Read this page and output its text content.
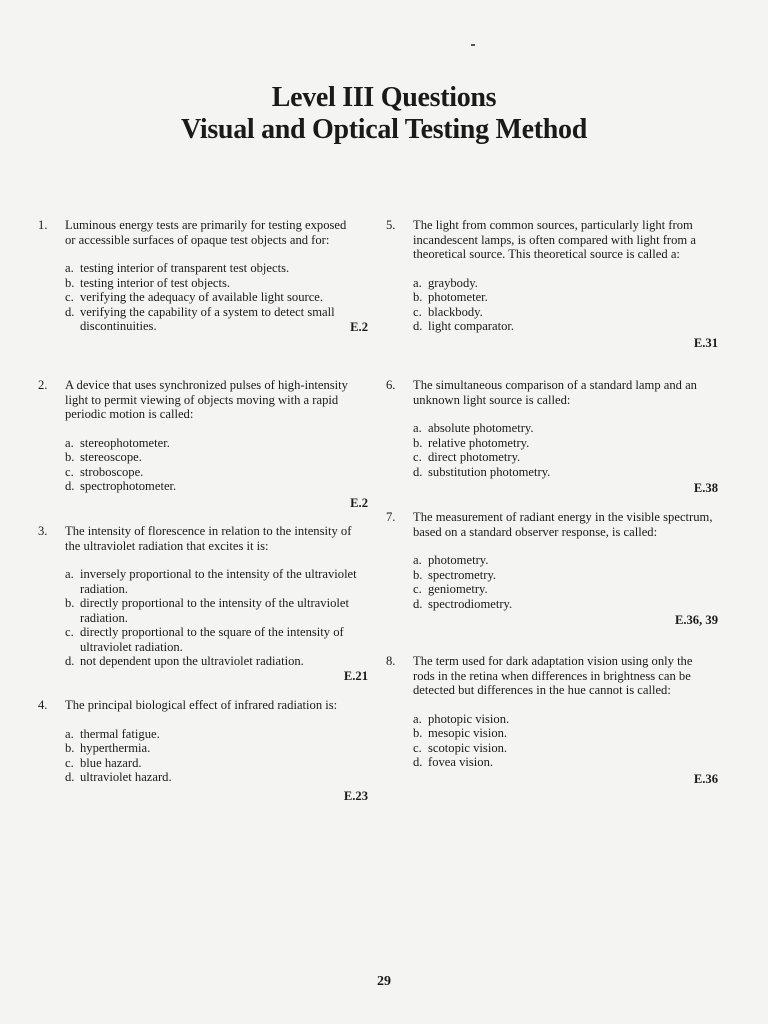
Level III Questions
Visual and Optical Testing Method
1. Luminous energy tests are primarily for testing exposed or accessible surfaces of opaque test objects and for:
a. testing interior of transparent test objects.
b. testing interior of test objects.
c. verifying the adequacy of available light source.
d. verifying the capability of a system to detect small discontinuities.	E.2
2. A device that uses synchronized pulses of high-intensity light to permit viewing of objects moving with a rapid periodic motion is called:
a. stereophotometer.
b. stereoscope.
c. stroboscope.
d. spectrophotometer.
E.2
3. The intensity of florescence in relation to the intensity of the ultraviolet radiation that excites it is:
a. inversely proportional to the intensity of the ultraviolet radiation.
b. directly proportional to the intensity of the ultraviolet radiation.
c. directly proportional to the square of the intensity of ultraviolet radiation.
d. not dependent upon the ultraviolet radiation.
E.21
4. The principal biological effect of infrared radiation is:
a. thermal fatigue.
b. hyperthermia.
c. blue hazard.
d. ultraviolet hazard.
E.23
5. The light from common sources, particularly light from incandescent lamps, is often compared with light from a theoretical source. This theoretical source is called a:
a. graybody.
b. photometer.
c. blackbody.
d. light comparator.
E.31
6. The simultaneous comparison of a standard lamp and an unknown light source is called:
a. absolute photometry.
b. relative photometry.
c. direct photometry.
d. substitution photometry.
E.38
7. The measurement of radiant energy in the visible spectrum, based on a standard observer response, is called:
a. photometry.
b. spectrometry.
c. geniometry.
d. spectrodiometry.
E.36, 39
8. The term used for dark adaptation vision using only the rods in the retina when differences in brightness can be detected but differences in the hue cannot is called:
a. photopic vision.
b. mesopic vision.
c. scotopic vision.
d. fovea vision.
E.36
29
